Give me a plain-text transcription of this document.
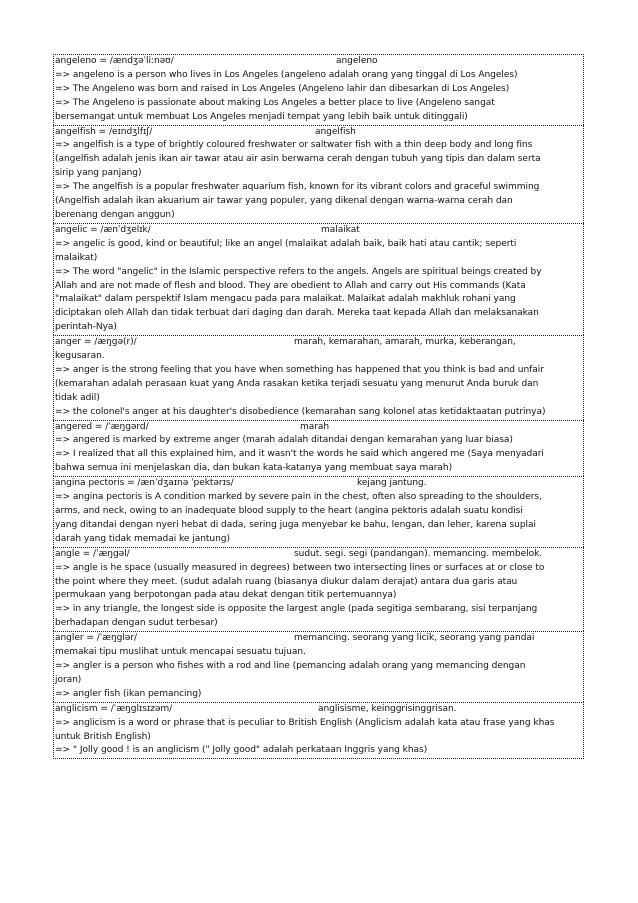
angeleno = /ændʒəˈliːnəʊ/	angeleno
=> angeleno is a person who lives in Los Angeles (angeleno adalah orang yang tinggal di Los Angeles)
=> The Angeleno was born and raised in Los Angeles (Angeleno lahir dan dibesarkan di Los Angeles)
=> The Angeleno is passionate about making Los Angeles a better place to live (Angeleno sangat
bersemangat untuk membuat Los Angeles menjadi tempat yang lebih baik untuk ditinggali)
angelfish = /eɪndʒlfɪʃ/	angelfish
=> angelfish is a type of brightly coloured freshwater or saltwater fish with a thin deep body and long fins
(angelfish adalah jenis ikan air tawar atau air asin berwarna cerah dengan tubuh yang tipis dan dalam serta
sirip yang panjang)
=> The angelfish is a popular freshwater aquarium fish, known for its vibrant colors and graceful swimming
(Angelfish adalah ikan akuarium air tawar yang populer, yang dikenal dengan warna-warna cerah dan
berenang dengan anggun)
angelic = /ænˈdʒelɪk/	malaikat
=> angelic is good, kind or beautiful; like an angel (malaikat adalah baik, baik hati atau cantik; seperti
malaikat)
=> The word "angelic" in the Islamic perspective refers to the angels. Angels are spiritual beings created by
Allah and are not made of flesh and blood. They are obedient to Allah and carry out His commands (Kata
"malaikat" dalam perspektif Islam mengacu pada para malaikat. Malaikat adalah makhluk rohani yang
diciptakan oleh Allah dan tidak terbuat dari daging dan darah. Mereka taat kepada Allah dan melaksanakan
perintah-Nya)
anger = /æŋgə(r)/	marah, kemarahan, amarah, murka, keberangan,
kegusaran.
=> anger is the strong feeling that you have when something has happened that you think is bad and unfair
(kemarahan adalah perasaan kuat yang Anda rasakan ketika terjadi sesuatu yang menurut Anda buruk dan
tidak adil)
=> the colonel's anger at his daughter's disobedience (kemarahan sang kolonel atas ketidaktaatan putrinya)
angered = /ˈæŋgərd/	marah
=> angered is marked by extreme anger (marah adalah ditandai dengan kemarahan yang luar biasa)
=> I realized that all this explained him, and it wasn't the words he said which angered me (Saya menyadari
bahwa semua ini menjelaskan dia, dan bukan kata-katanya yang membuat saya marah)
angina pectoris = /ænˈdʒaɪnə ˈpektərɪs/	kejang jantung.
=> angina pectoris is A condition marked by severe pain in the chest, often also spreading to the shoulders,
arms, and neck, owing to an inadequate blood supply to the heart (angina pektoris adalah suatu kondisi
yang ditandai dengan nyeri hebat di dada, sering juga menyebar ke bahu, lengan, dan leher, karena suplai
darah yang tidak memadai ke jantung)
angle = /ˈæŋgəl/	sudut. segi. segi (pandangan). memancing. membelok.
=> angle is he space (usually measured in degrees) between two intersecting lines or surfaces at or close to
the point where they meet. (sudut adalah ruang (biasanya diukur dalam derajat) antara dua garis atau
permukaan yang berpotongan pada atau dekat dengan titik pertemuannya)
=> in any triangle, the longest side is opposite the largest angle (pada segitiga sembarang, sisi terpanjang
berhadapan dengan sudut terbesar)
angler = /ˈæŋglər/	memancing. seorang yang licik, seorang yang pandai
memakai tipu muslihat untuk mencapai sesuatu tujuan.
=> angler is a person who fishes with a rod and line (pemancing adalah orang yang memancing dengan
joran)
=> angler fish (ikan pemancing)
anglicism = /ˈæŋglɪsɪzəm/	anglisisme, keinggrisinggrisan.
=> anglicism is a word or phrase that is peculiar to British English (Anglicism adalah kata atau frase yang khas
untuk British English)
=> " Jolly good ! is an anglicism (" Jolly good" adalah perkataan Inggris yang khas)
